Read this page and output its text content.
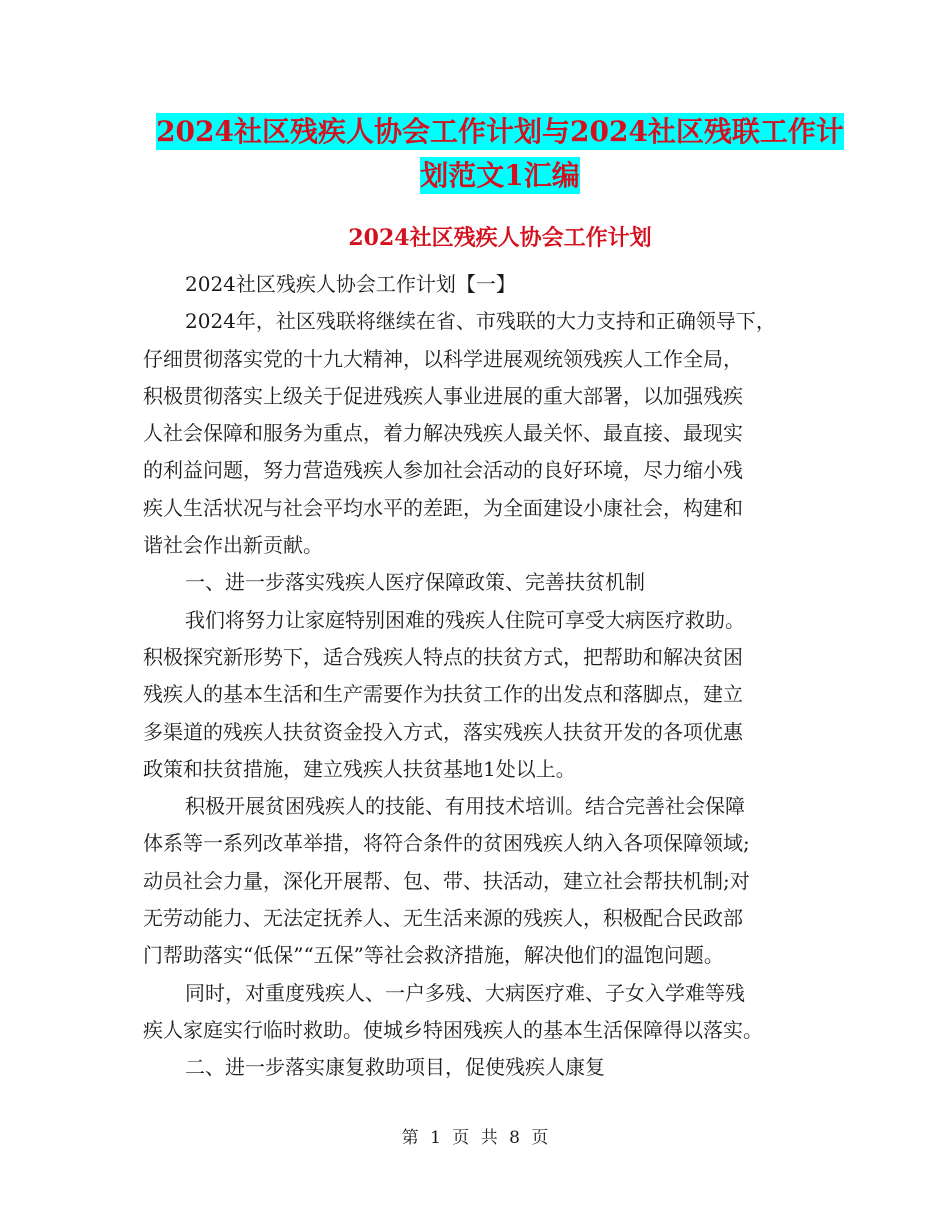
2024社区残疾人协会工作计划与2024社区残联工作计
划范文1汇编
2024社区残疾人协会工作计划
2024社区残疾人协会工作计划【一】
2024年，社区残联将继续在省、市残联的大力支持和正确领导下，
仔细贯彻落实党的十九大精神，以科学进展观统领残疾人工作全局，
积极贯彻落实上级关于促进残疾人事业进展的重大部署，以加强残疾
人社会保障和服务为重点，着力解决残疾人最关怀、最直接、最现实
的利益问题，努力营造残疾人参加社会活动的良好环境，尽力缩小残
疾人生活状况与社会平均水平的差距，为全面建设小康社会，构建和
谐社会作出新贡献。
一、进一步落实残疾人医疗保障政策、完善扶贫机制
我们将努力让家庭特别困难的残疾人住院可享受大病医疗救助。
积极探究新形势下，适合残疾人特点的扶贫方式，把帮助和解决贫困
残疾人的基本生活和生产需要作为扶贫工作的出发点和落脚点，建立
多渠道的残疾人扶贫资金投入方式，落实残疾人扶贫开发的各项优惠
政策和扶贫措施，建立残疾人扶贫基地1处以上。
积极开展贫困残疾人的技能、有用技术培训。结合完善社会保障
体系等一系列改革举措，将符合条件的贫困残疾人纳入各项保障领域;
动员社会力量，深化开展帮、包、带、扶活动，建立社会帮扶机制;对
无劳动能力、无法定抚养人、无生活来源的残疾人，积极配合民政部
门帮助落实“低保”“五保”等社会救济措施，解决他们的温饱问题。
同时，对重度残疾人、一户多残、大病医疗难、子女入学难等残
疾人家庭实行临时救助。使城乡特困残疾人的基本生活保障得以落实。
二、进一步落实康复救助项目，促使残疾人康复
第 1 页 共 8 页
